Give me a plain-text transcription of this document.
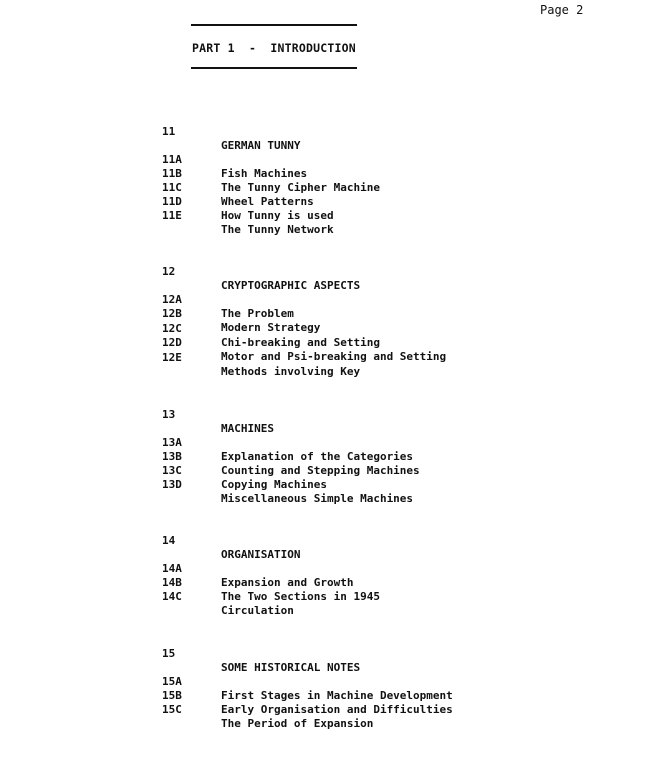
Page 2
PART 1  -  INTRODUCTION

11

GERMAN TUNNY

11A

Fish Machines

11B

The Tunny Cipher Machine

11C

Wheel Patterns

11D

How Tunny is used

11E

The Tunny Network

12

CRYPTOGRAPHIC ASPECTS

12A

The Problem

12B

Modern Strategy

12C

Chi-breaking and Setting

12D

Motor and Psi-breaking and Setting

12E

Methods involving Key

13

MACHINES

13A

Explanation of the Categories

13B

Counting and Stepping Machines

13C

Copying Machines

13D

Miscellaneous Simple Machines

14

ORGANISATION

14A

Expansion and Growth

14B

The Two Sections in 1945

14C

Circulation

15

SOME HISTORICAL NOTES

15A

First Stages in Machine Development

15B

Early Organisation and Difficulties

15C

The Period of Expansion
